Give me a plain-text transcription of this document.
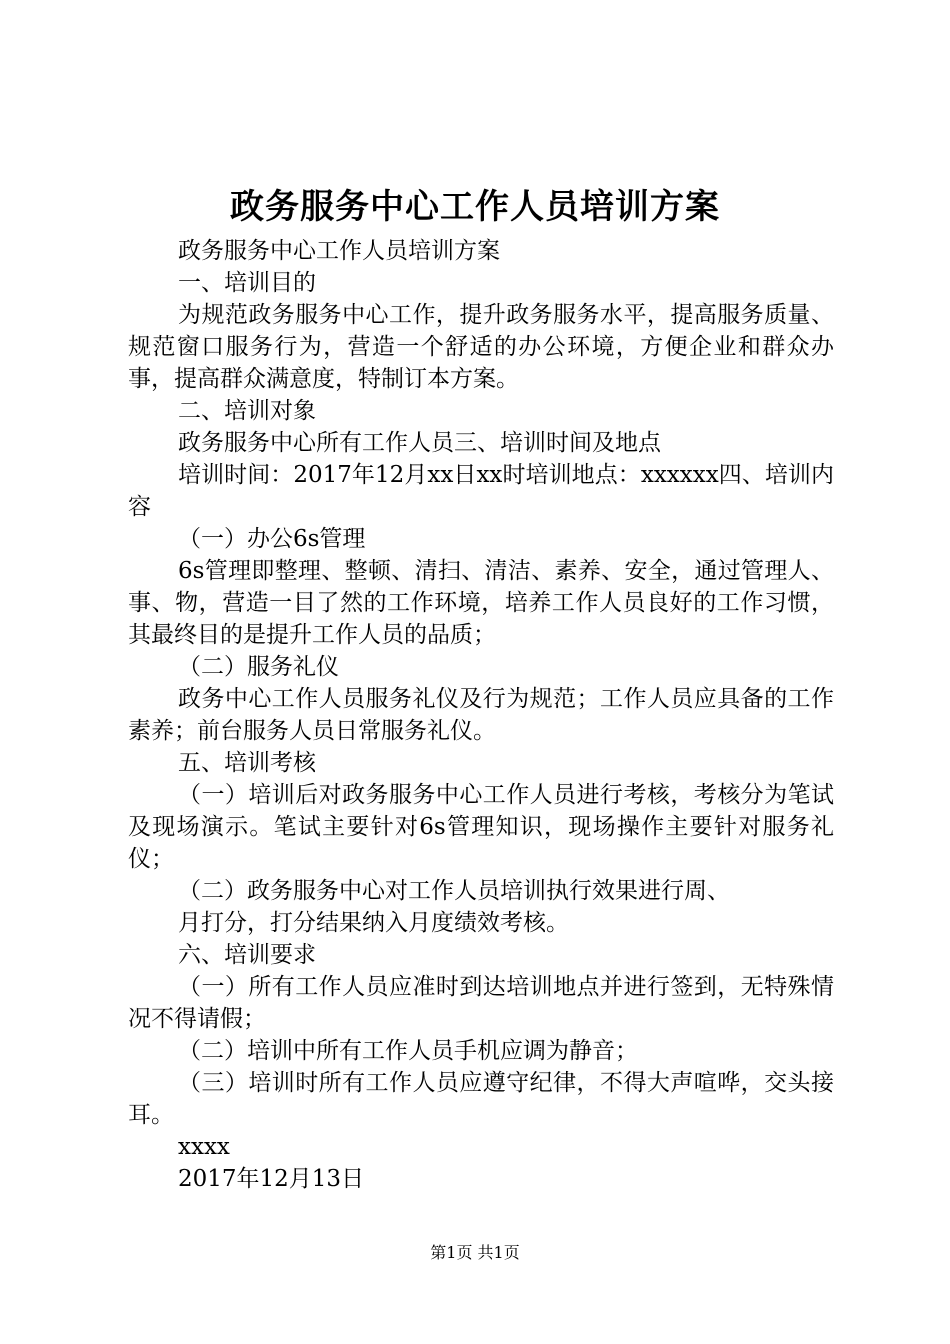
政务服务中心工作人员培训方案

政务服务中心工作人员培训方案

一、培训目的

为规范政务服务中心工作，提升政务服务水平，提高服务质量、规范窗口服务行为，营造一个舒适的办公环境，方便企业和群众办事，提高群众满意度，特制订本方案。

二、培训对象

政务服务中心所有工作人员三、培训时间及地点

培训时间：2017年12月xx日xx时培训地点：xxxxxx四、培训内容

（一）办公6s管理

6s管理即整理、整顿、清扫、清洁、素养、安全，通过管理人、事、物，营造一目了然的工作环境，培养工作人员良好的工作习惯，其最终目的是提升工作人员的品质；

（二）服务礼仪

政务中心工作人员服务礼仪及行为规范；工作人员应具备的工作素养；前台服务人员日常服务礼仪。

五、培训考核

（一）培训后对政务服务中心工作人员进行考核，考核分为笔试及现场演示。笔试主要针对6s管理知识，现场操作主要针对服务礼仪；

（二）政务服务中心对工作人员培训执行效果进行周、

月打分，打分结果纳入月度绩效考核。

六、培训要求

（一）所有工作人员应准时到达培训地点并进行签到，无特殊情况不得请假；

（二）培训中所有工作人员手机应调为静音；

（三）培训时所有工作人员应遵守纪律，不得大声喧哗，交头接耳。

xxxx

2017年12月13日

第1页 共1页
